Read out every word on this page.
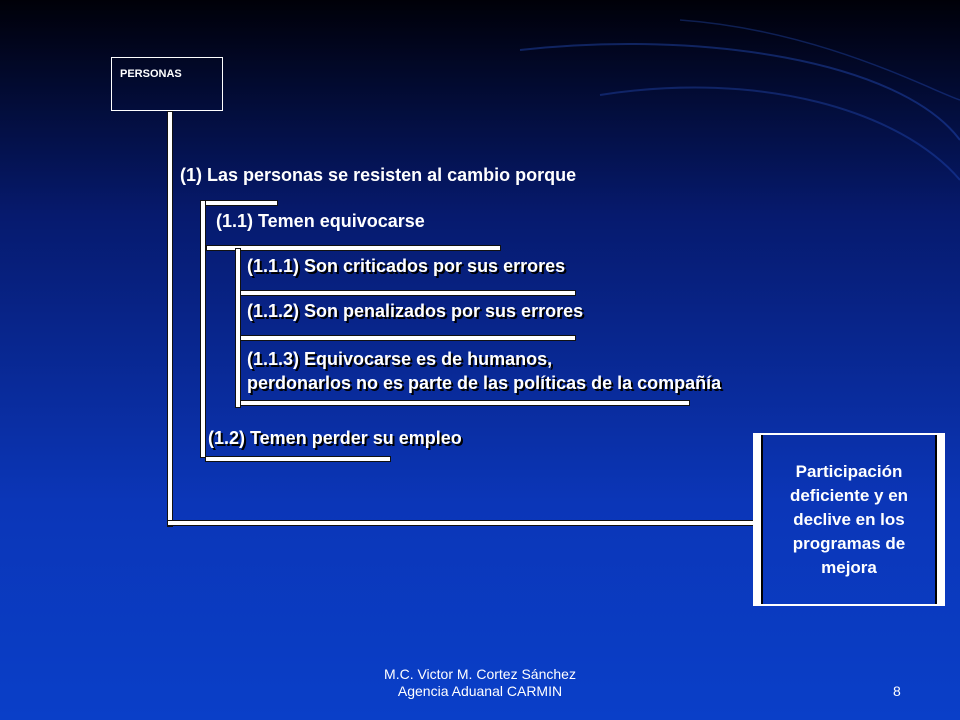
PERSONAS
(1) Las personas se resisten al cambio porque
(1.1) Temen equivocarse
(1.1.1) Son criticados por sus errores
(1.1.2) Son penalizados por sus errores
(1.1.3) Equivocarse es de humanos,
perdonarlos no es parte de las políticas de la compañía
(1.2) Temen perder su empleo
Participación deficiente y en declive en los programas de mejora
M.C. Victor M. Cortez Sánchez
Agencia Aduanal CARMIN	8
